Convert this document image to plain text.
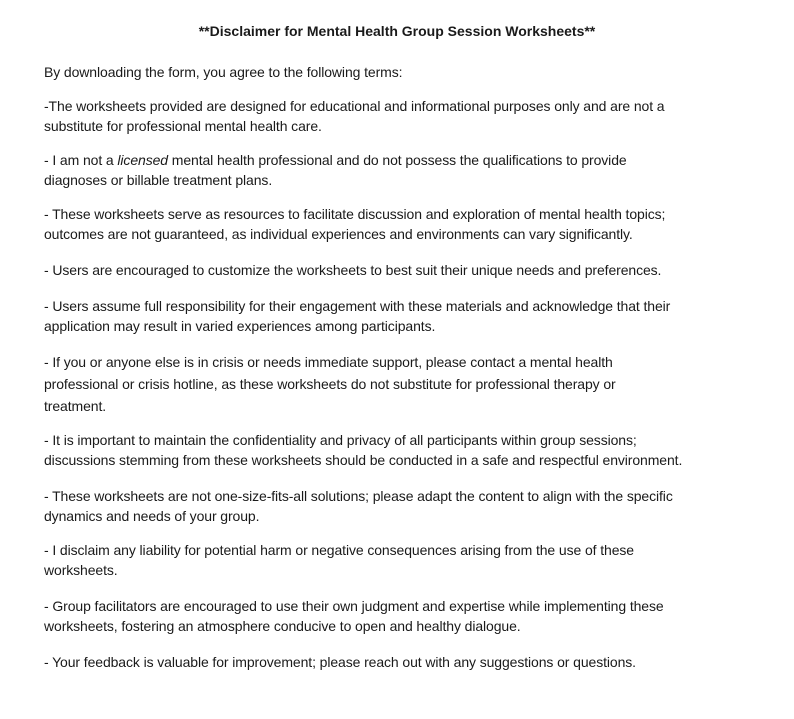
**Disclaimer for Mental Health Group Session Worksheets**
By downloading the form, you agree to the following terms:
-The worksheets provided are designed for educational and informational purposes only and are not a
substitute for professional mental health care.
- I am not a licensed mental health professional and do not possess the qualifications to provide
diagnoses or billable treatment plans.
- These worksheets serve as resources to facilitate discussion and exploration of mental health topics;
outcomes are not guaranteed, as individual experiences and environments can vary significantly.
- Users are encouraged to customize the worksheets to best suit their unique needs and preferences.
- Users assume full responsibility for their engagement with these materials and acknowledge that their
application may result in varied experiences among participants.
- If you or anyone else is in crisis or needs immediate support, please contact a mental health
professional or crisis hotline, as these worksheets do not substitute for professional therapy or
treatment.
- It is important to maintain the confidentiality and privacy of all participants within group sessions;
discussions stemming from these worksheets should be conducted in a safe and respectful environment.
- These worksheets are not one-size-fits-all solutions; please adapt the content to align with the specific
dynamics and needs of your group.
- I disclaim any liability for potential harm or negative consequences arising from the use of these
worksheets.
- Group facilitators are encouraged to use their own judgment and expertise while implementing these
worksheets, fostering an atmosphere conducive to open and healthy dialogue.
- Your feedback is valuable for improvement; please reach out with any suggestions or questions.
